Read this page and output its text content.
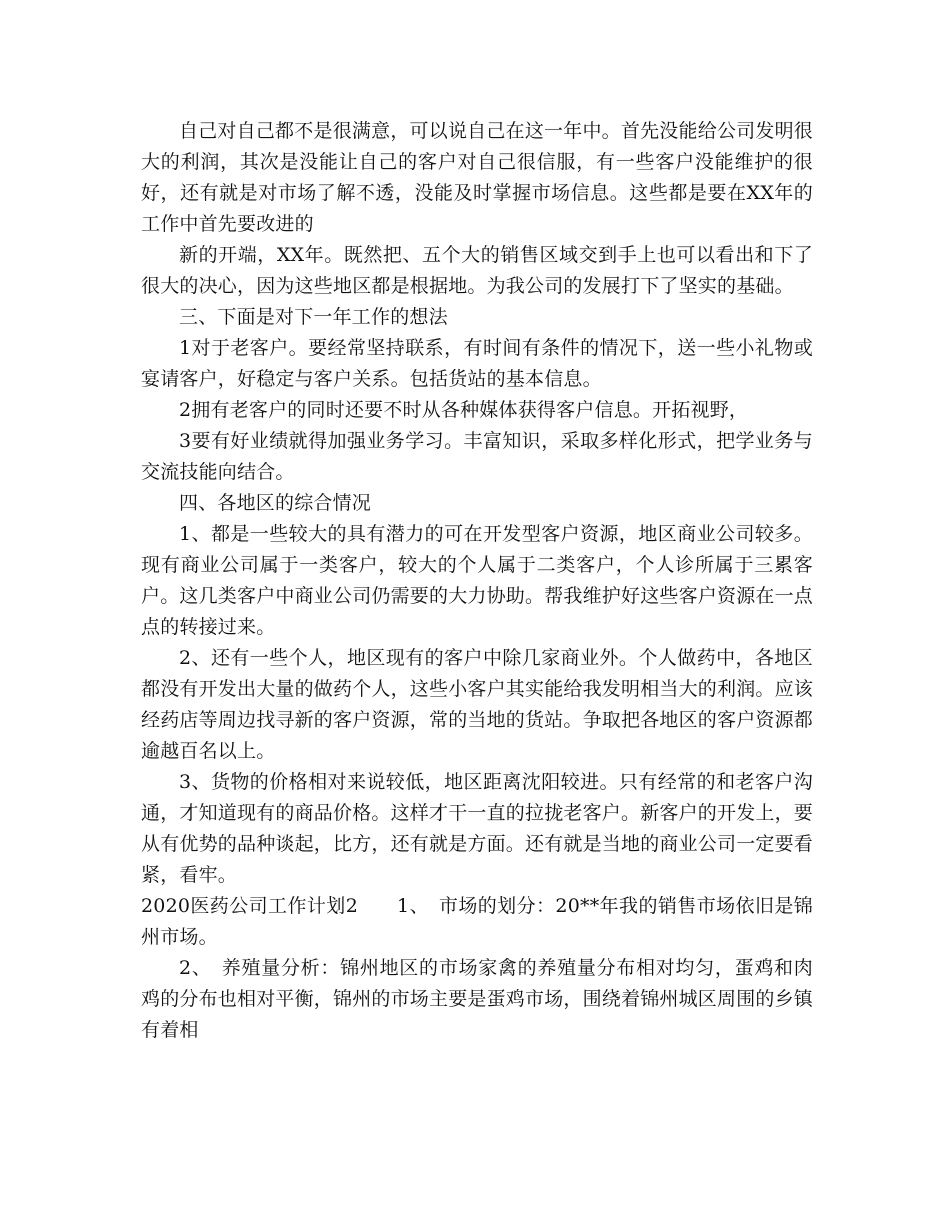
自己对自己都不是很满意，可以说自己在这一年中。首先没能给公司发明很大的利润，其次是没能让自己的客户对自己很信服，有一些客户没能维护的很好，还有就是对市场了解不透，没能及时掌握市场信息。这些都是要在XX年的工作中首先要改进的

新的开端，XX年。既然把、五个大的销售区域交到手上也可以看出和下了很大的决心，因为这些地区都是根据地。为我公司的发展打下了坚实的基础。

三、下面是对下一年工作的想法

1对于老客户。要经常坚持联系，有时间有条件的情况下，送一些小礼物或宴请客户，好稳定与客户关系。包括货站的基本信息。

2拥有老客户的同时还要不时从各种媒体获得客户信息。开拓视野，

3要有好业绩就得加强业务学习。丰富知识，采取多样化形式，把学业务与交流技能向结合。

四、各地区的综合情况

1、都是一些较大的具有潜力的可在开发型客户资源，地区商业公司较多。现有商业公司属于一类客户，较大的个人属于二类客户，个人诊所属于三累客户。这几类客户中商业公司仍需要的大力协助。帮我维护好这些客户资源在一点点的转接过来。

2、还有一些个人，地区现有的客户中除几家商业外。个人做药中，各地区都没有开发出大量的做药个人，这些小客户其实能给我发明相当大的利润。应该经药店等周边找寻新的客户资源，常的当地的货站。争取把各地区的客户资源都逾越百名以上。

3、货物的价格相对来说较低，地区距离沈阳较进。只有经常的和老客户沟通，才知道现有的商品价格。这样才干一直的拉拢老客户。新客户的开发上，要从有优势的品种谈起，比方，还有就是方面。还有就是当地的商业公司一定要看紧，看牢。

2020医药公司工作计划2　　1、　市场的划分：20**年我的销售市场依旧是锦州市场。

2、　养殖量分析：锦州地区的市场家禽的养殖量分布相对均匀，蛋鸡和肉鸡的分布也相对平衡，锦州的市场主要是蛋鸡市场，围绕着锦州城区周围的乡镇有着相
